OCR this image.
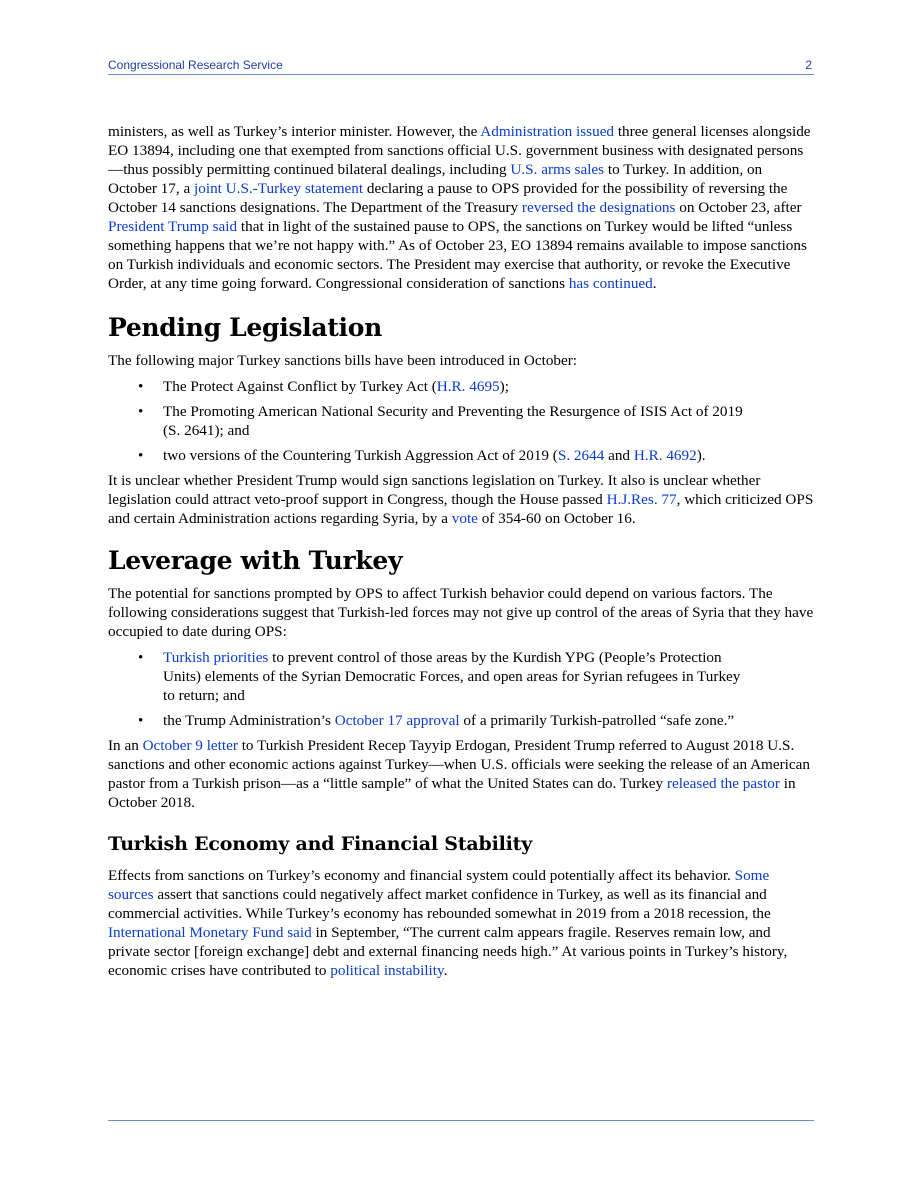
Congressional Research Service	2

ministers, as well as Turkey’s interior minister. However, the Administration issued three general licenses alongside EO 13894, including one that exempted from sanctions official U.S. government business with designated persons—thus possibly permitting continued bilateral dealings, including U.S. arms sales to Turkey. In addition, on October 17, a joint U.S.-Turkey statement declaring a pause to OPS provided for the possibility of reversing the October 14 sanctions designations. The Department of the Treasury reversed the designations on October 23, after President Trump said that in light of the sustained pause to OPS, the sanctions on Turkey would be lifted “unless something happens that we’re not happy with.” As of October 23, EO 13894 remains available to impose sanctions on Turkish individuals and economic sectors. The President may exercise that authority, or revoke the Executive Order, at any time going forward. Congressional consideration of sanctions has continued.

Pending Legislation

The following major Turkey sanctions bills have been introduced in October:

• The Protect Against Conflict by Turkey Act (H.R. 4695);
• The Promoting American National Security and Preventing the Resurgence of ISIS Act of 2019 (S. 2641); and
• two versions of the Countering Turkish Aggression Act of 2019 (S. 2644 and H.R. 4692).

It is unclear whether President Trump would sign sanctions legislation on Turkey. It also is unclear whether legislation could attract veto-proof support in Congress, though the House passed H.J.Res. 77, which criticized OPS and certain Administration actions regarding Syria, by a vote of 354-60 on October 16.

Leverage with Turkey

The potential for sanctions prompted by OPS to affect Turkish behavior could depend on various factors. The following considerations suggest that Turkish-led forces may not give up control of the areas of Syria that they have occupied to date during OPS:

• Turkish priorities to prevent control of those areas by the Kurdish YPG (People’s Protection Units) elements of the Syrian Democratic Forces, and open areas for Syrian refugees in Turkey to return; and
• the Trump Administration’s October 17 approval of a primarily Turkish-patrolled “safe zone.”

In an October 9 letter to Turkish President Recep Tayyip Erdogan, President Trump referred to August 2018 U.S. sanctions and other economic actions against Turkey—when U.S. officials were seeking the release of an American pastor from a Turkish prison—as a “little sample” of what the United States can do. Turkey released the pastor in October 2018.

Turkish Economy and Financial Stability

Effects from sanctions on Turkey’s economy and financial system could potentially affect its behavior. Some sources assert that sanctions could negatively affect market confidence in Turkey, as well as its financial and commercial activities. While Turkey’s economy has rebounded somewhat in 2019 from a 2018 recession, the International Monetary Fund said in September, “The current calm appears fragile. Reserves remain low, and private sector [foreign exchange] debt and external financing needs high.” At various points in Turkey’s history, economic crises have contributed to political instability.
